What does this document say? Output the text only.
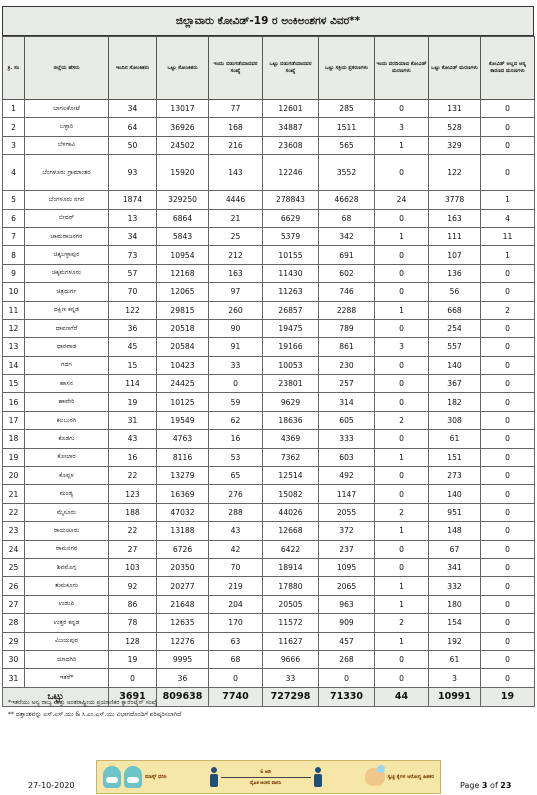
ಜಿಲ್ಲಾವಾರು ಕೋವಿಡ್-19 ರ ಅಂಕಿಅಂಶಗಳ ವಿವರ**
ಕ್ರ. ಸಂ	ಜಿಲ್ಲೆಯ ಹೆಸರು	ಇಂದಿನ ಸೋಂಕಿತರು	ಒಟ್ಟು ಸೋಂಕಿತರು	ಇಂದು ಬಿಡುಗಡೆಯಾದವರ ಸಂಖ್ಯೆ	ಒಟ್ಟು ಬಿಡುಗಡೆಯಾದವರ ಸಂಖ್ಯೆ	ಒಟ್ಟು ಸಕ್ರಿಯ ಪ್ರಕರಣಗಳು	ಇಂದು ವರದಿಯಾದ ಕೋವಿಡ್ ಮರಣಗಳು	ಒಟ್ಟು ಕೋವಿಡ್ ಮರಣಗಳು	ಕೋವಿಡ್ ಅಲ್ಲದ ಅನ್ಯ ಕಾರಣದ ಮರಣಗಳು
1	ಬಾಗಲಕೋಟೆ	34	13017	77	12601	285	0	131	0
2	ಬಳ್ಳಾರಿ	64	36926	168	34887	1511	3	528	0
3	ಬೆಳಗಾವಿ	50	24502	216	23608	565	1	329	0
4	ಬೆಂಗಳೂರು ಗ್ರಾಮಾಂತರ	93	15920	143	12246	3552	0	122	0
5	ಬೆಂಗಳೂರು ನಗರ	1874	329250	4446	278843	46628	24	3778	1
6	ಬೀದರ್	13	6864	21	6629	68	0	163	4
7	ಚಾಮರಾಜನಗರ	34	5843	25	5379	342	1	111	11
8	ಚಿಕ್ಕಬಳ್ಳಾಪುರ	73	10954	212	10155	691	0	107	1
9	ಚಿಕ್ಕಮಗಳೂರು	57	12168	163	11430	602	0	136	0
10	ಚಿತ್ರದುರ್ಗ	70	12065	97	11263	746	0	56	0
11	ದಕ್ಷಿಣ ಕನ್ನಡ	122	29815	260	26857	2288	1	668	2
12	ದಾವಣಗೆರೆ	36	20518	90	19475	789	0	254	0
13	ಧಾರವಾಡ	45	20584	91	19166	861	3	557	0
14	ಗದಗ	15	10423	33	10053	230	0	140	0
15	ಹಾಸನ	114	24425	0	23801	257	0	367	0
16	ಹಾವೇರಿ	19	10125	59	9629	314	0	182	0
17	ಕಲಬುರಗಿ	31	19549	62	18636	605	2	308	0
18	ಕೊಡಗು	43	4763	16	4369	333	0	61	0
19	ಕೋಲಾರ	16	8116	53	7362	603	1	151	0
20	ಕೊಪ್ಪಳ	22	13279	65	12514	492	0	273	0
21	ಮಂಡ್ಯ	123	16369	276	15082	1147	0	140	0
22	ಮೈಸೂರು	188	47032	288	44026	2055	2	951	0
23	ರಾಯಚೂರು	22	13188	43	12668	372	1	148	0
24	ರಾಮನಗರ	27	6726	42	6422	237	0	67	0
25	ಶಿವಮೊಗ್ಗ	103	20350	70	18914	1095	0	341	0
26	ತುಮಕೂರು	92	20277	219	17880	2065	1	332	0
27	ಉಡುಪಿ	86	21648	204	20505	963	1	180	0
28	ಉತ್ತರ ಕನ್ನಡ	78	12635	170	11572	909	2	154	0
29	ವಿಜಯಪುರ	128	12276	63	11627	457	1	192	0
30	ಯಾದಗಿರಿ	19	9995	68	9666	268	0	61	0
31	ಇತರೆ*	0	36	0	33	0	0	3	0
ಒಟ್ಟು		3691	809638	7740	727298	71330	44	10991	19
*ಇತರೆಯು ಅನ್ಯ ರಾಜ್ಯ ಮತ್ತು ಅಂತರಾಷ್ಟ್ರೀಯ ಪ್ರಯಾಣಿಕರ ಕ್ವಾರೆಂಟೈನ್ ಸಂಖ್ಯೆ
** ದತ್ತಾಂಶವನ್ನು ಎಸ್.ಎಸ್.ಯು & ಸಿ.ಎಂ.ಎಸ್.ಯು ವಿಭಾಗದೊಂದಿಗೆ ಪರಿಷ್ಕರಿಸಲಾಗಿದೆ
ಮಾಸ್ಕ್ ಧರಿಸಿ
6 ಅಡಿ
ದೈಹಿಕ ಅಂತರ ಪಾಲಿಸಿ
ಸ್ವಚ್ಛ ಕೈಗಳ ಆರೋಗ್ಯ ಹಿತಕರ
27-10-2020	Page 3 of 23
